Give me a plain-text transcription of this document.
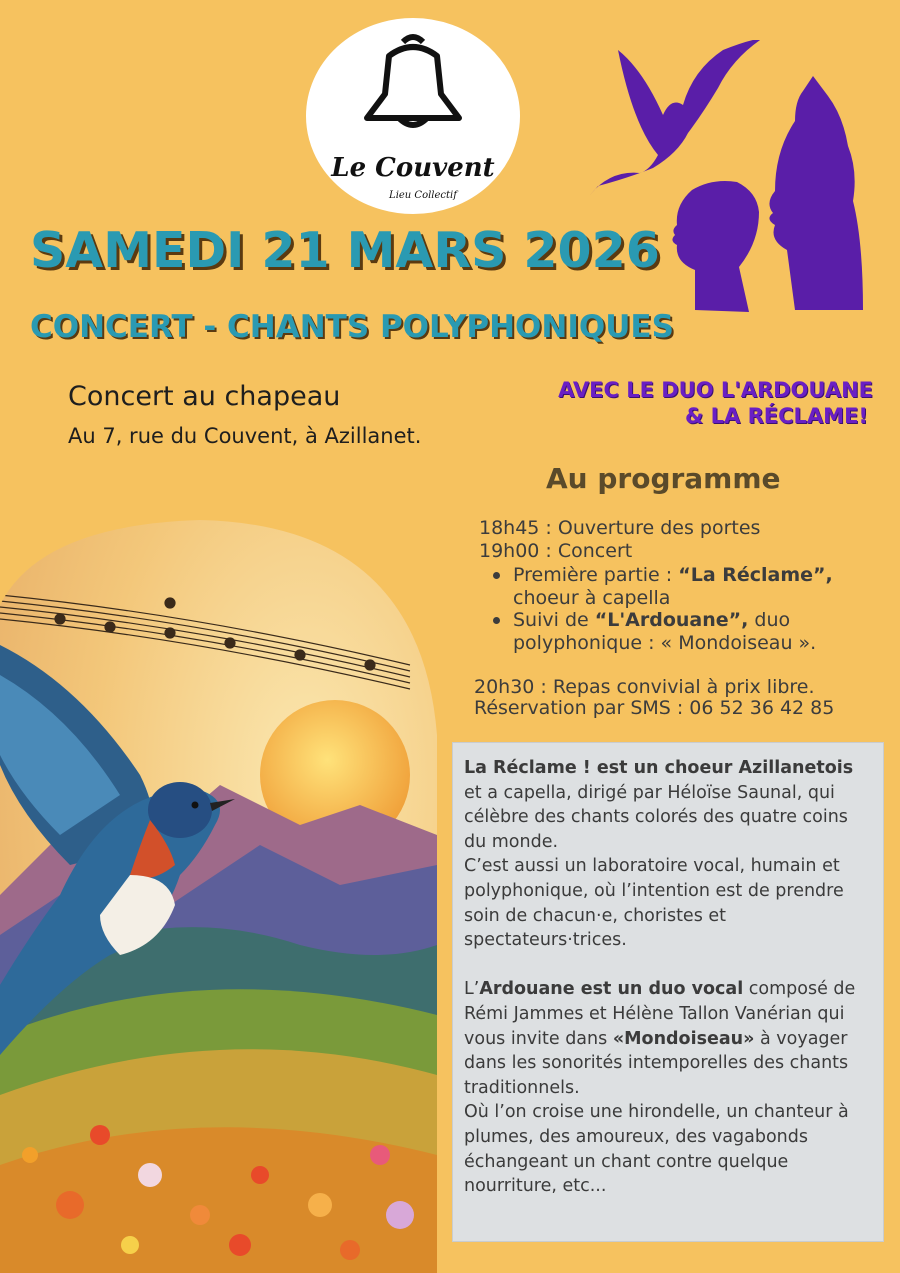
Le Couvent
Lieu Collectif
SAMEDI 21 MARS 2026
CONCERT - CHANTS POLYPHONIQUES

AVEC LE DUO L'ARDOUANE

& LA RÉCLAME!

Concert au chapeau
Au 7, rue du Couvent, à Azillanet.
Au programme
18h45 : Ouverture des portes
19h00 : Concert
Première partie : “La Réclame”,
choeur à capella
Suivi de “L'Ardouane”, duo
polyphonique : « Mondoiseau ».
20h30 : Repas convivial à prix libre.
Réservation par SMS : 06 52 36 42 85

La Réclame ! est un choeur Azillanetois et a capella, dirigé par Héloïse Saunal, qui célèbre des chants colorés des quatre coins du monde.

C’est aussi un laboratoire vocal, humain et polyphonique, où l’intention est de prendre soin de chacun·e, choristes et spectateurs·trices.

L’Ardouane est un duo vocal composé de Rémi Jammes et Hélène Tallon Vanérian qui vous invite dans «Mondoiseau» à voyager dans les sonorités intemporelles des chants traditionnels.

Où l’on croise une hirondelle, un chanteur à plumes, des amoureux, des vagabonds échangeant un chant contre quelque nourriture, etc...
